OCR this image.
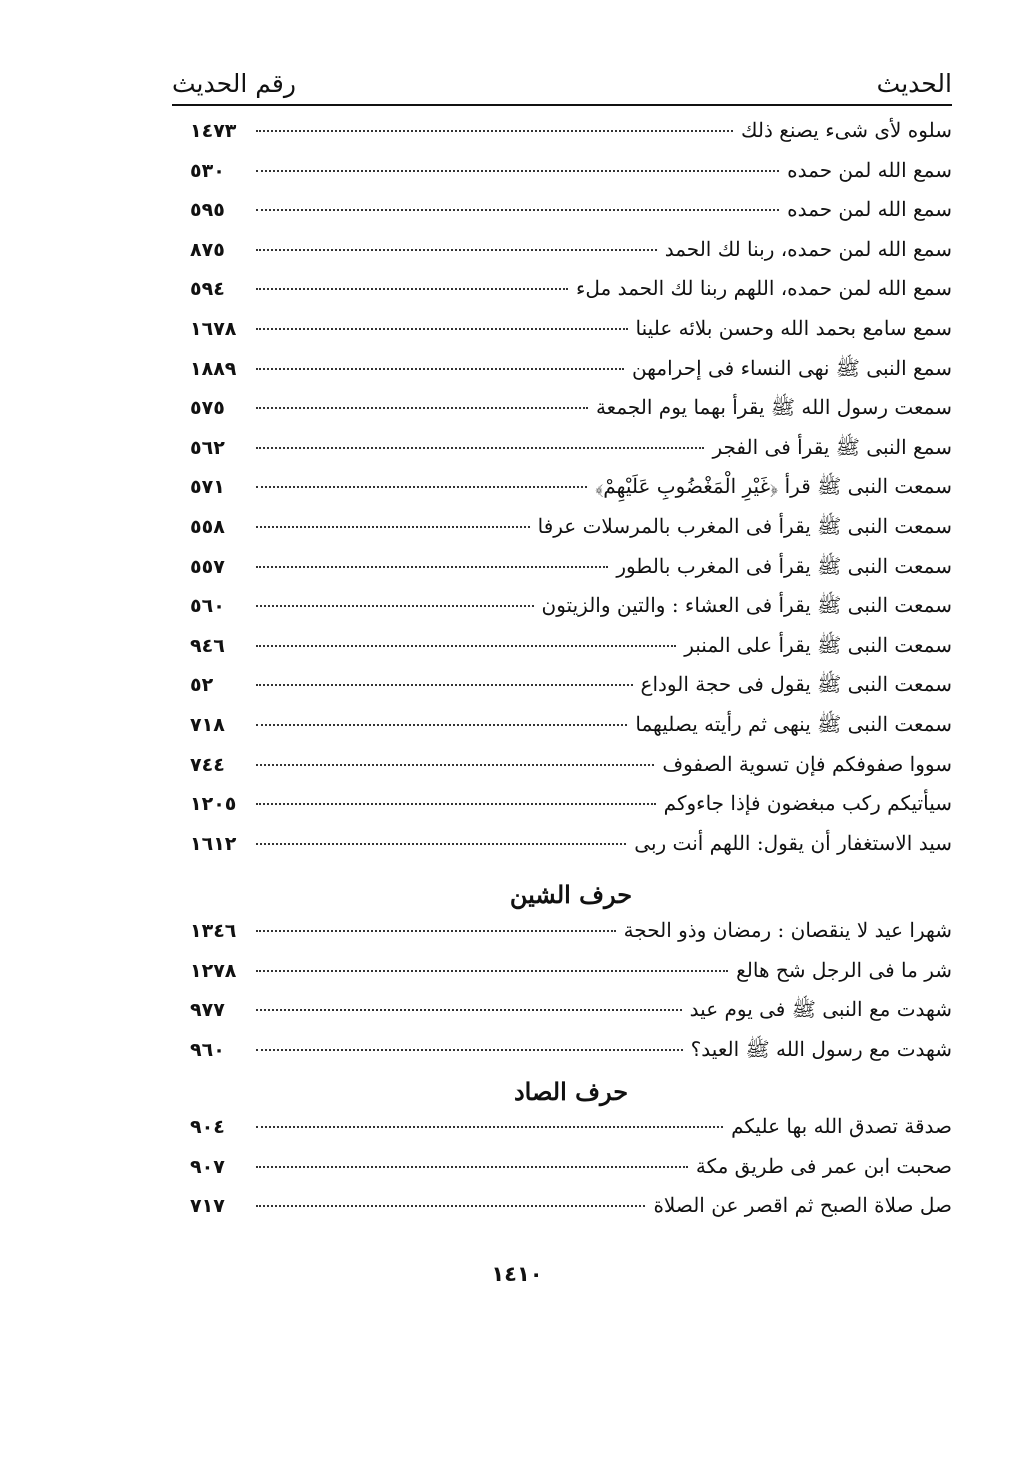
الحديث
رقم الحديث
سلوه لأى شىء يصنع ذلك
١٤٧٣
سمع الله لمن حمده
٥٣٠
سمع الله لمن حمده
٥٩٥
سمع الله لمن حمده، ربنا لك الحمد
٨٧٥
سمع الله لمن حمده، اللهم ربنا لك الحمد ملء
٥٩٤
سمع سامع بحمد الله وحسن بلائه علينا
١٦٧٨
سمع النبى ﷺ نهى النساء فى إحرامهن
١٨٨٩
سمعت رسول الله ﷺ يقرأ بهما يوم الجمعة
٥٧٥
سمع النبى ﷺ يقرأ فى الفجر
٥٦٢
سمعت النبى ﷺ قرأ ﴿غَيْرِ الْمَغْضُوبِ عَلَيْهِمْ﴾
٥٧١
سمعت النبى ﷺ يقرأ فى المغرب بالمرسلات عرفا
٥٥٨
سمعت النبى ﷺ يقرأ فى المغرب بالطور
٥٥٧
سمعت النبى ﷺ يقرأ فى العشاء : والتين والزيتون
٥٦٠
سمعت النبى ﷺ يقرأ على المنبر
٩٤٦
سمعت النبى ﷺ يقول فى حجة الوداع
٥٢
سمعت النبى ﷺ ينهى ثم رأيته يصليهما
٧١٨
سووا صفوفكم فإن تسوية الصفوف
٧٤٤
سيأتيكم ركب مبغضون فإذا جاءوكم
١٢٠٥
سيد الاستغفار أن يقول: اللهم أنت ربى
١٦١٢
حرف الشين
شهرا عيد لا ينقصان : رمضان وذو الحجة
١٣٤٦
شر ما فى الرجل شح هالع
١٢٧٨
شهدت مع النبى ﷺ فى يوم عيد
٩٧٧
شهدت مع رسول الله ﷺ العيد؟
٩٦٠
حرف الصاد
صدقة تصدق الله بها عليكم
٩٠٤
صحبت ابن عمر فى طريق مكة
٩٠٧
صل صلاة الصبح ثم اقصر عن الصلاة
٧١٧
١٤١٠
